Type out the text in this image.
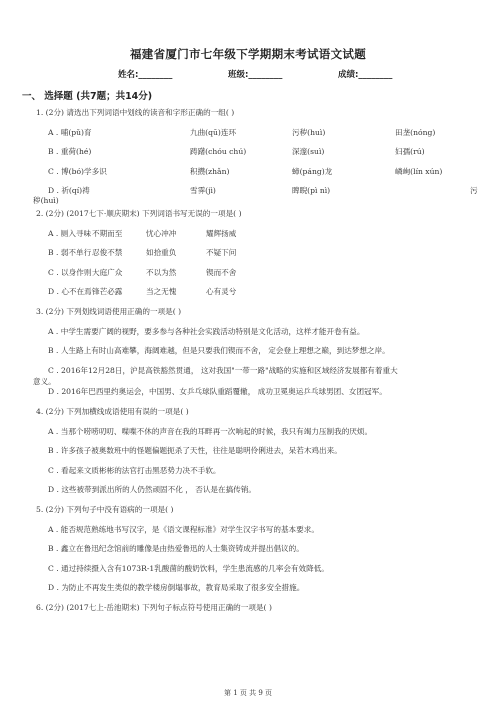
福建省厦门市七年级下学期期末考试语文试题
姓名:________	班级:________	成绩:________
一、 选择题 (共7题；共14分)
1. (2分) 请选出下列词语中划线的读音和字形正确的一组( )
A . 哺(pǔ)育	九曲(qū)连环	污秽(huì)	田垄(nóng)
B . 重荷(hé)	踌躇(chóu chú)	深邃(suì)	妇孺(rú)
C . 博(bó)学多识	积攒(zhǎn)	蟑(páng)龙	嶙峋(lín xún)
D . 祈(qí)祷	雪霁(jì)	睥睨(pì nì)	污
秽(huì)
2. (2分) (2017七下·顺庆期末) 下列词语书写无误的一项是( )
A . 厕入寻味 不期而至	忧心冲冲	耀辉扬威
B . 弱不单行 忍俊不禁	如拾重负	不疑下问
C . 以身作则 大庭广众	不以为然	锲而不舍
D . 心不在焉 锋芒必露	当之无愧	心有灵兮
3. (2分) 下列划线词语使用正确的一项是( )
A . 中学生需要广阔的视野，要多参与各种社会实践活动特别是文化活动，这样才能开卷有益。
B . 人生路上有时山高难攀，海阔难越，但是只要我们锲而不舍， 定会登上理想之巅，到达梦想之岸。
C . 2016年12月28日，沪昆高铁豁然贯通， 这对我国"一带一路"战略的实施和区域经济发展都有着重大
意义。
D . 2016年巴西里约奥运会，中国男、女乒乓球队重蹈覆辙， 成功卫冕奥运乒乓球男团、女团冠军。
4. (2分) 下列加横线成语使用有误的一项是( )
A . 当那个唠唠叨叨、喋喋不休的声音在我的耳畔再一次响起的时候，我只有竭力压制我的厌烦。
B . 许多孩子被奥数班中的怪题偏题扼杀了天性，往往是聪明伶俐进去，呆若木鸡出来。
C . 看起来文质彬彬的法官打击黑恶势力决不手软。
D . 这些被带到派出所的人仍然顽固不化 ， 否认是在搞传销。
5. (2分) 下列句子中没有语病的一项是( )
A . 能否规范熟练地书写汉字，是《语文课程标准》对学生汉字书写的基本要求。
B . 鑫立在鲁迅纪念馆前的雕像是由热爱鲁迅的人士集资铸成并提出倡议的。
C . 通过持续摄入含有1073R-1乳酸菌的酸奶饮料，学生患流感的几率会有效降低。
D . 为防止不再发生类似的教学楼房倒塌事故，教育局采取了很多安全措施。
6. (2分) (2017七上·岳池期末) 下列句子标点符号使用正确的一项是( )
第 1 页 共 9 页
